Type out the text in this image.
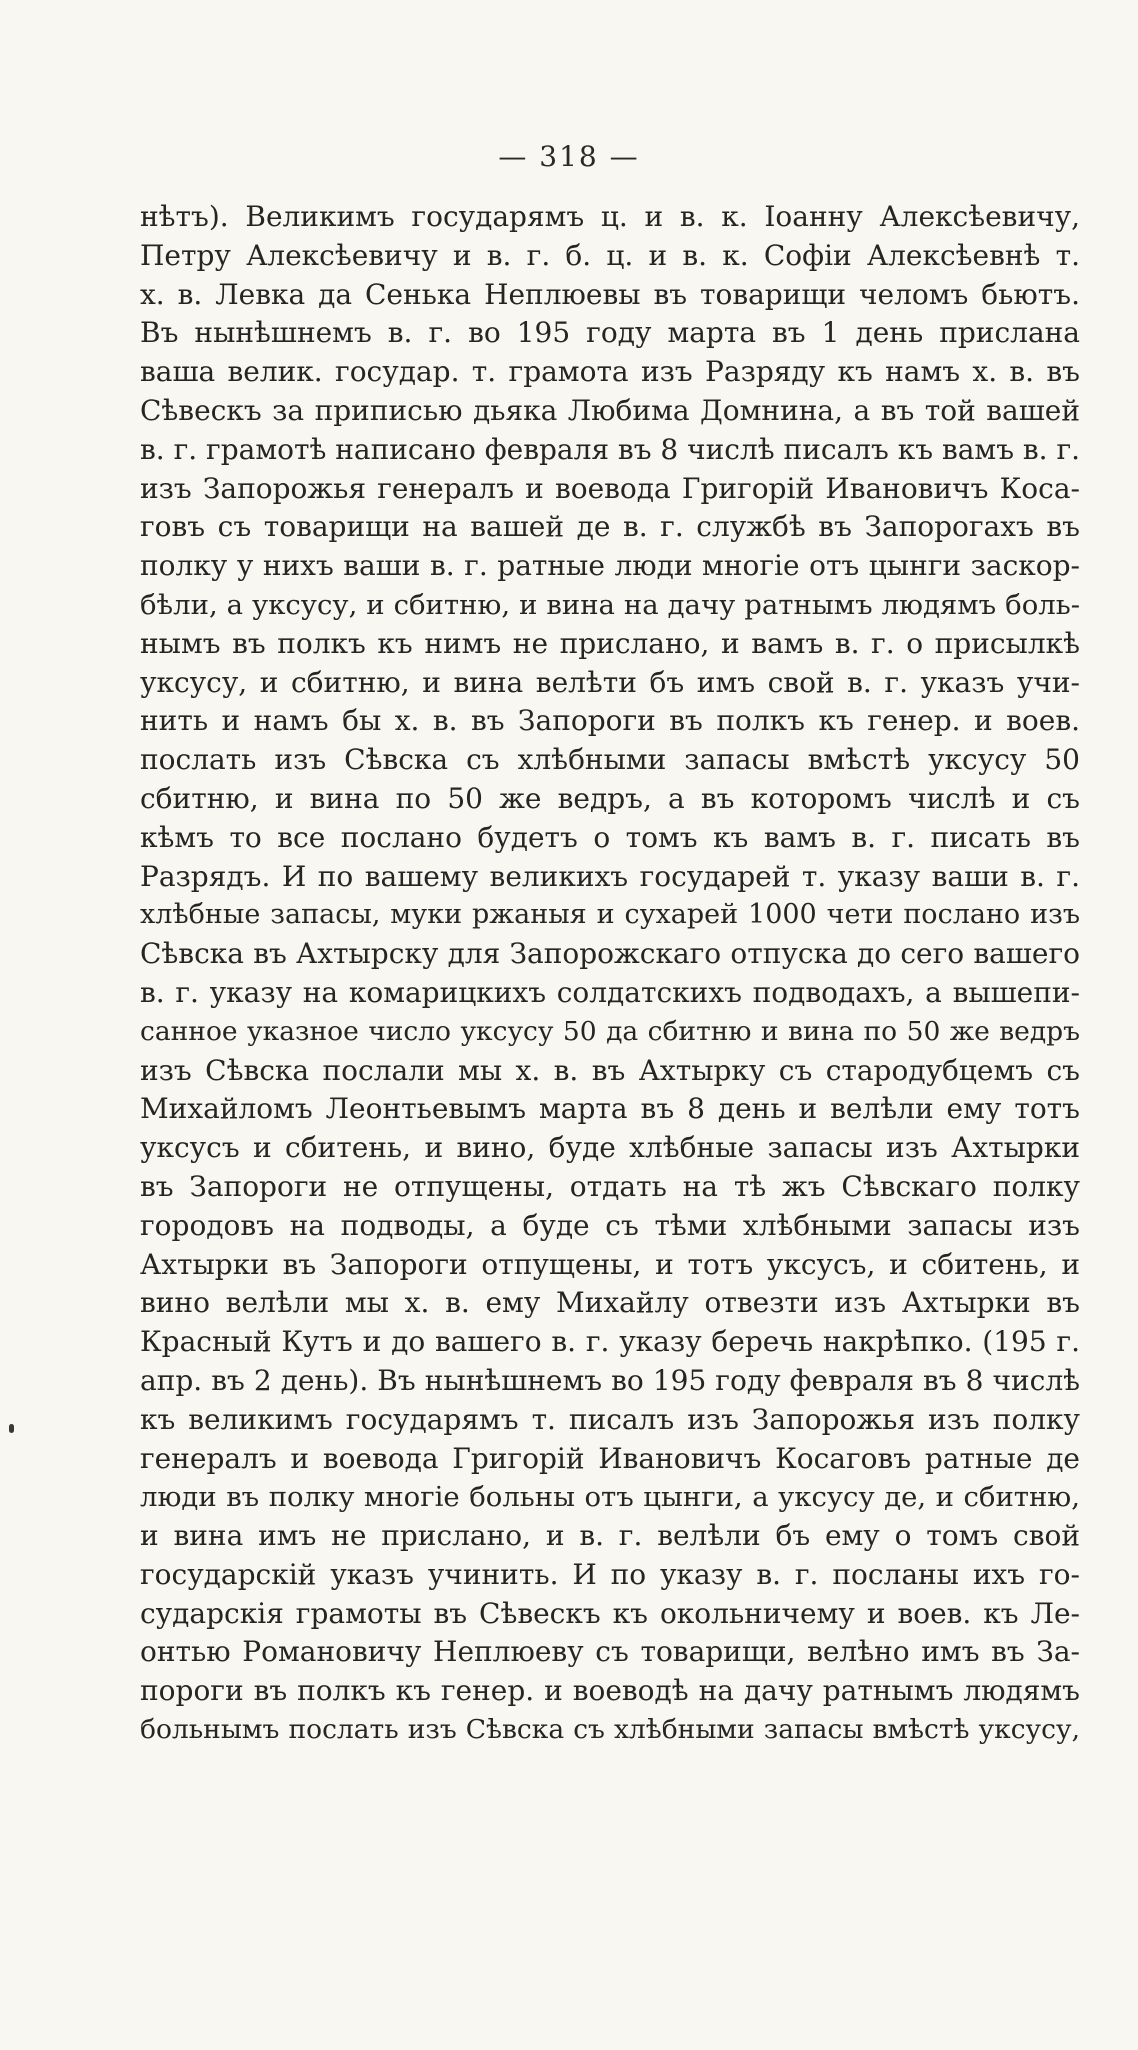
— 318 —
нѣтъ). Великимъ государямъ ц. и в. к. Іоанну Алексѣевичу,
Петру Алексѣевичу и в. г. б. ц. и в. к. Софіи Алексѣевнѣ т.
х. в. Левка да Сенька Неплюевы въ товарищи челомъ бьютъ.
Въ нынѣшнемъ в. г. во 195 году марта въ 1 день прислана
ваша велик. государ. т. грамота изъ Разряду къ намъ х. в. въ
Сѣвескъ за приписью дьяка Любима Домнина, а въ той вашей
в. г. грамотѣ написано февраля въ 8 числѣ писалъ къ вамъ в. г.
изъ Запорожья генералъ и воевода Григорій Ивановичъ Коса-
говъ съ товарищи на вашей де в. г. службѣ въ Запорогахъ въ
полку у нихъ ваши в. г. ратные люди многіе отъ цынги заскор-
бѣли, а уксусу, и сбитню, и вина на дачу ратнымъ людямъ боль-
нымъ въ полкъ къ нимъ не прислано, и вамъ в. г. о присылкѣ
уксусу, и сбитню, и вина велѣти бъ имъ свой в. г. указъ учи-
нить и намъ бы х. в. въ Запороги въ полкъ къ генер. и воев.
послать изъ Сѣвска съ хлѣбными запасы вмѣстѣ уксусу 50
сбитню, и вина по 50 же ведръ, а въ которомъ числѣ и съ
кѣмъ то все послано будетъ о томъ къ вамъ в. г. писать въ
Разрядъ. И по вашему великихъ государей т. указу ваши в. г.
хлѣбные запасы, муки ржаныя и сухарей 1000 чети послано изъ
Сѣвска въ Ахтырску для Запорожскаго отпуска до сего вашего
в. г. указу на комарицкихъ солдатскихъ подводахъ, а вышепи-
санное указное число уксусу 50 да сбитню и вина по 50 же ведръ
изъ Сѣвска послали мы х. в. въ Ахтырку съ стародубцемъ съ
Михайломъ Леонтьевымъ марта въ 8 день и велѣли ему тотъ
уксусъ и сбитень, и вино, буде хлѣбные запасы изъ Ахтырки
въ Запороги не отпущены, отдать на тѣ жъ Сѣвскаго полку
городовъ на подводы, а буде съ тѣми хлѣбными запасы изъ
Ахтырки въ Запороги отпущены, и тотъ уксусъ, и сбитень, и
вино велѣли мы х. в. ему Михайлу отвезти изъ Ахтырки въ
Красный Кутъ и до вашего в. г. указу беречь накрѣпко. (195 г.
апр. въ 2 день). Въ нынѣшнемъ во 195 году февраля въ 8 числѣ
къ великимъ государямъ т. писалъ изъ Запорожья изъ полку
генералъ и воевода Григорій Ивановичъ Косаговъ ратные де
люди въ полку многіе больны отъ цынги, а уксусу де, и сбитню,
и вина имъ не прислано, и в. г. велѣли бъ ему о томъ свой
государскій указъ учинить. И по указу в. г. посланы ихъ го-
сударскія грамоты въ Сѣвескъ къ окольничему и воев. къ Ле-
онтью Романовичу Неплюеву съ товарищи, велѣно имъ въ За-
пороги въ полкъ къ генер. и воеводѣ на дачу ратнымъ людямъ
больнымъ послать изъ Сѣвска съ хлѣбными запасы вмѣстѣ уксусу,
